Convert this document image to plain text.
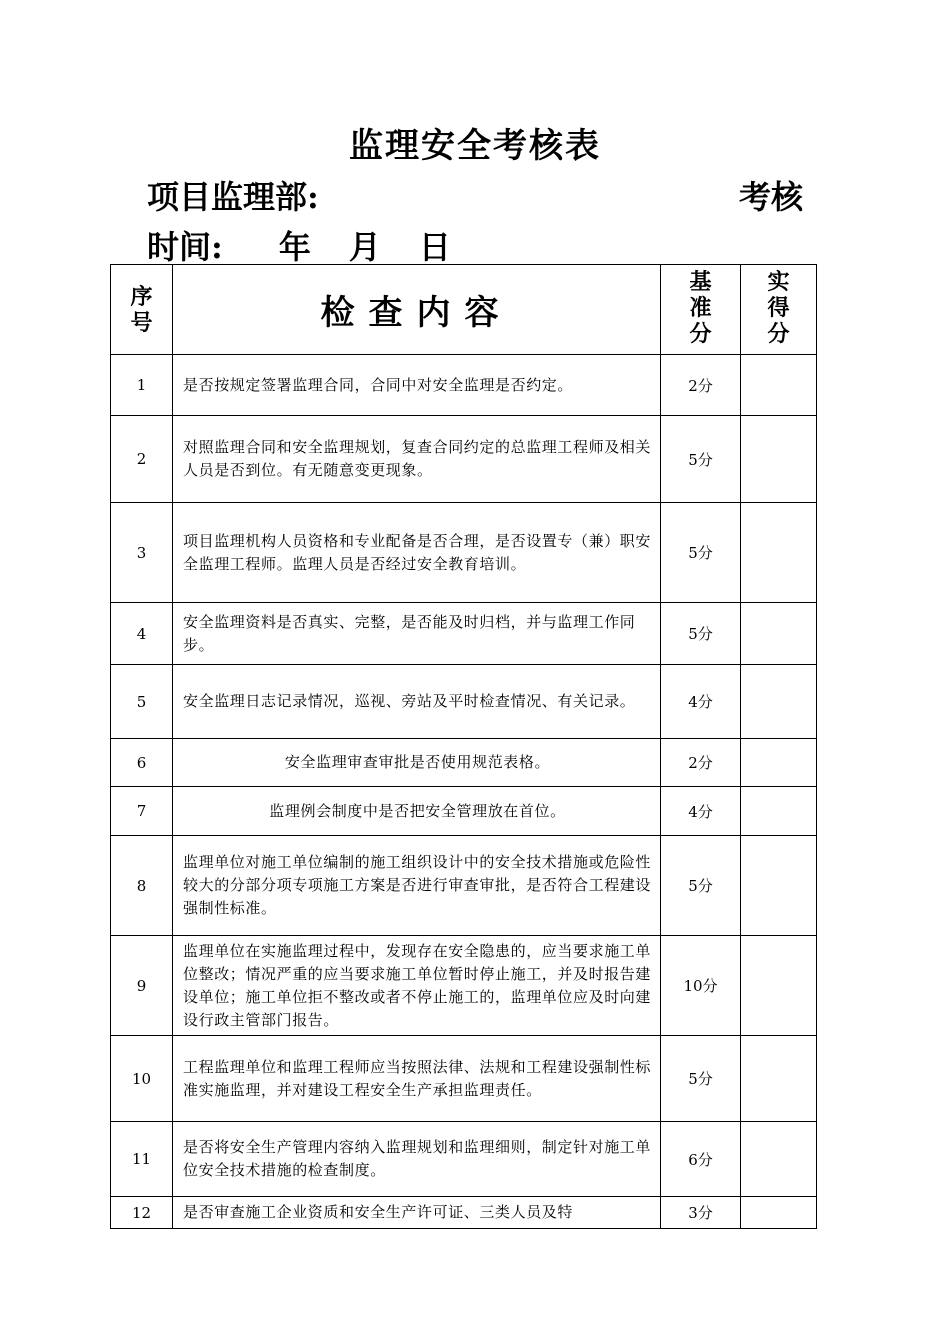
监理安全考核表
项目监理部:	考核
时间: 年 月 日
序号	检查内容	基准分	实得分
1	是否按规定签署监理合同，合同中对安全监理是否约定。	2分	
2	对照监理合同和安全监理规划，复查合同约定的总监理工程师及相关人员是否到位。有无随意变更现象。	5分	
3	项目监理机构人员资格和专业配备是否合理，是否设置专（兼）职安全监理工程师。监理人员是否经过安全教育培训。	5分	
4	安全监理资料是否真实、完整，是否能及时归档，并与监理工作同步。	5分	
5	安全监理日志记录情况，巡视、旁站及平时检查情况、有关记录。	4分	
6	安全监理审查审批是否使用规范表格。	2分	
7	监理例会制度中是否把安全管理放在首位。	4分	
8	监理单位对施工单位编制的施工组织设计中的安全技术措施或危险性较大的分部分项专项施工方案是否进行审查审批，是否符合工程建设强制性标准。	5分	
9	监理单位在实施监理过程中，发现存在安全隐患的，应当要求施工单位整改；情况严重的应当要求施工单位暂时停止施工，并及时报告建设单位；施工单位拒不整改或者不停止施工的，监理单位应及时向建设行政主管部门报告。	10分	
10	工程监理单位和监理工程师应当按照法律、法规和工程建设强制性标准实施监理，并对建设工程安全生产承担监理责任。	5分	
11	是否将安全生产管理内容纳入监理规划和监理细则，制定针对施工单位安全技术措施的检查制度。	6分	
12	是否审查施工企业资质和安全生产许可证、三类人员及特	3分	
